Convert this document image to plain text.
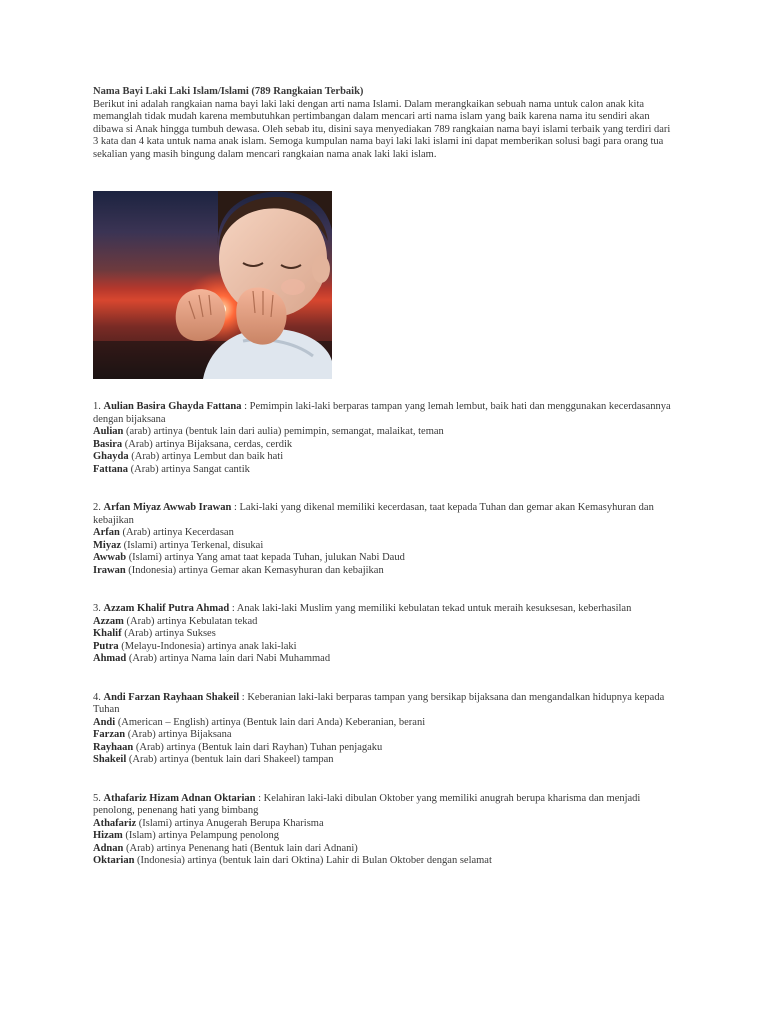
Nama Bayi Laki Laki Islam/Islami (789 Rangkaian Terbaik)

Berikut ini adalah rangkaian nama bayi laki laki dengan arti nama Islami. Dalam merangkaikan sebuah nama untuk calon anak kita memanglah tidak mudah karena membutuhkan pertimbangan dalam mencari arti nama islam yang baik karena nama itu sendiri akan dibawa si Anak hingga tumbuh dewasa. Oleh sebab itu, disini saya menyediakan 789 rangkaian nama bayi islami terbaik yang terdiri dari 3 kata dan 4 kata untuk nama anak islam. Semoga kumpulan nama bayi laki laki islami ini dapat memberikan solusi bagi para orang tua sekalian yang masih bingung dalam mencari rangkaian nama anak laki laki islam.

1. Aulian Basira Ghayda Fattana : Pemimpin laki-laki berparas tampan yang lemah lembut, baik hati dan menggunakan kecerdasannya dengan bijaksana
Aulian (arab) artinya (bentuk lain dari aulia) pemimpin, semangat, malaikat, teman
Basira (Arab) artinya Bijaksana, cerdas, cerdik
Ghayda (Arab) artinya Lembut dan baik hati
Fattana (Arab) artinya Sangat cantik
2. Arfan Miyaz Awwab Irawan : Laki-laki yang dikenal memiliki kecerdasan, taat kepada Tuhan dan gemar akan Kemasyhuran dan kebajikan
Arfan (Arab) artinya Kecerdasan
Miyaz (Islami) artinya Terkenal, disukai
Awwab (Islami) artinya Yang amat taat kepada Tuhan, julukan Nabi Daud
Irawan (Indonesia) artinya Gemar akan Kemasyhuran dan kebajikan
3. Azzam Khalif Putra Ahmad : Anak laki-laki Muslim yang memiliki kebulatan tekad untuk meraih kesuksesan, keberhasilan
Azzam (Arab) artinya Kebulatan tekad
Khalif (Arab) artinya Sukses
Putra (Melayu-Indonesia) artinya anak laki-laki
Ahmad (Arab) artinya Nama lain dari Nabi Muhammad
4. Andi Farzan Rayhaan Shakeil : Keberanian laki-laki berparas tampan yang bersikap bijaksana dan mengandalkan hidupnya kepada Tuhan
Andi (American – English) artinya (Bentuk lain dari Anda) Keberanian, berani
Farzan (Arab) artinya Bijaksana
Rayhaan (Arab) artinya (Bentuk lain dari Rayhan) Tuhan penjagaku
Shakeil (Arab) artinya (bentuk lain dari Shakeel) tampan
5. Athafariz Hizam Adnan Oktarian : Kelahiran laki-laki dibulan Oktober yang memiliki anugrah berupa kharisma dan menjadi penolong, penenang hati yang bimbang
Athafariz (Islami) artinya Anugerah Berupa Kharisma
Hizam (Islam) artinya Pelampung penolong
Adnan (Arab) artinya Penenang hati (Bentuk lain dari Adnani)
Oktarian (Indonesia) artinya (bentuk lain dari Oktina) Lahir di Bulan Oktober dengan selamat
